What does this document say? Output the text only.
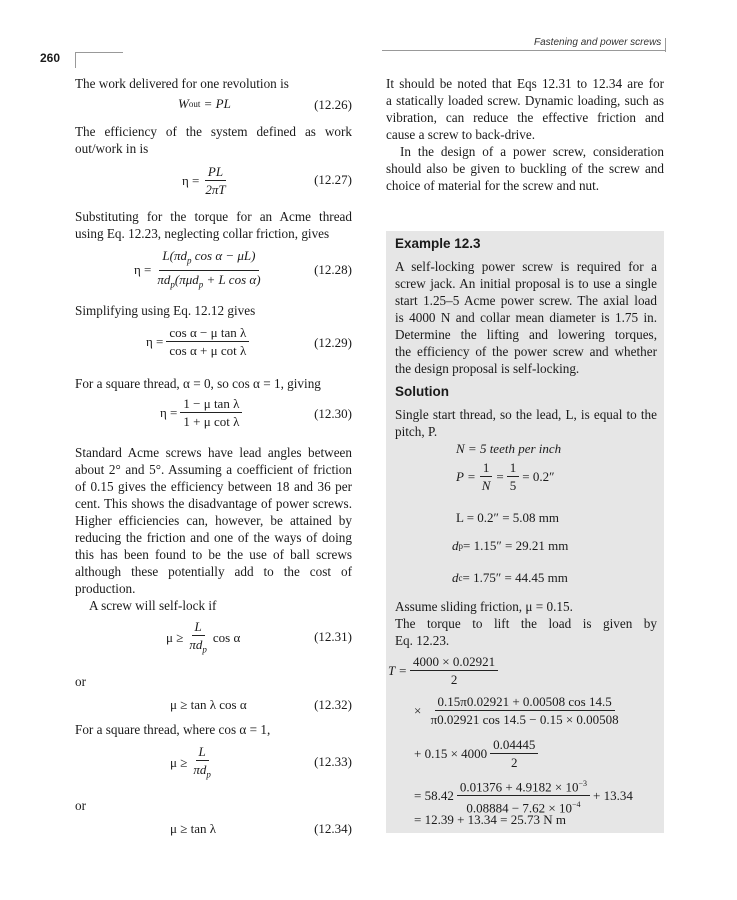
Fastening and power screws
260
The work delivered for one revolution is
W out
= PL	(12.26)
The efficiency of the system defined as work
out/work in is
$\eta = \frac{PL}{2\pi T}$	(12.27)
Substituting for the torque for an Acme thread
using Eq. 12.23, neglecting collar friction, gives
$\eta = \frac{L(\pi d_p \cos \alpha - \mu L)}{\pi d_p(\pi\mu d_p + L \cos \alpha)}$	(12.28)
Simplifying using Eq. 12.12 gives
$\eta = \frac{\text{cos α − μ tan λ}}{\text{cos α + μ cot λ}}$	(12.29)
For a square thread, α = 0, so cos α = 1, giving
$\eta = \frac{\text{1 − μ tan λ}}{\text{1 + μ cot λ}}$	(12.30)
Standard Acme screws have lead angles between
about 2° and 5°. Assuming a coefficient of friction
of 0.15 gives the efficiency between 18 and 36 per
cent. This shows the disadvantage of power screws.
Higher efficiencies can, however, be attained by
reducing the friction and one of the ways of doing
this has been found to be the use of ball screws
although these potentially add to the cost of
production.
A screw will self-lock if
$\mu \ge \frac{L}{\pi d_p}$ cos α	(12.31)
or
μ ≥ tan λ cos α	(12.32)
For a square thread, where cos α = 1,
$\mu \ge \frac{L}{\pi d_p}$	(12.33)
or
μ ≥ tan λ	(12.34)
It should be noted that Eqs 12.31 to 12.34 are for
a statically loaded screw. Dynamic loading, such as
vibration, can reduce the effective friction and
cause a screw to back-drive.
In the design of a power screw, consideration
should also be given to buckling of the screw and
choice of material for the screw and nut.
Example 12.3
A self-locking power screw is required for a
screw jack. An initial proposal is to use a single
start 1.25–5 Acme power screw. The axial load
is 4000 N and collar mean diameter is 1.75 in.
Determine the lifting and lowering torques,
the efficiency of the power screw and whether
the design proposal is self-locking.
Solution
Single start thread, so the lead, L, is equal to the
pitch, P.
N = 5 teeth per inch
$P = \frac{1}{N} = \frac{1}{5} = 0.2''$
L = 0.2″ = 5.08 mm
d p = 1.15″ = 29.21 mm
d c = 1.75″ = 44.45 mm
Assume sliding friction, μ = 0.15.
The torque to lift the load is given by
Eq. 12.23.
$T = \frac{4000 \times 0.02921}{2}$
×
$\frac{0.15\pi 0.02921 + 0.00508 \cos 14.5}{\pi 0.02921 \cos 14.5 - 0.15 \times 0.00508}$
+ $0.15 \times 4000 \frac{0.04445}{2}$
= $58.42 \frac{0.01376 + 4.9182 \times 10^{-3}}{0.08884 - 7.62 \times 10^{-4}} + 13.34$
= 12.39 + 13.34 = 25.73 N m
